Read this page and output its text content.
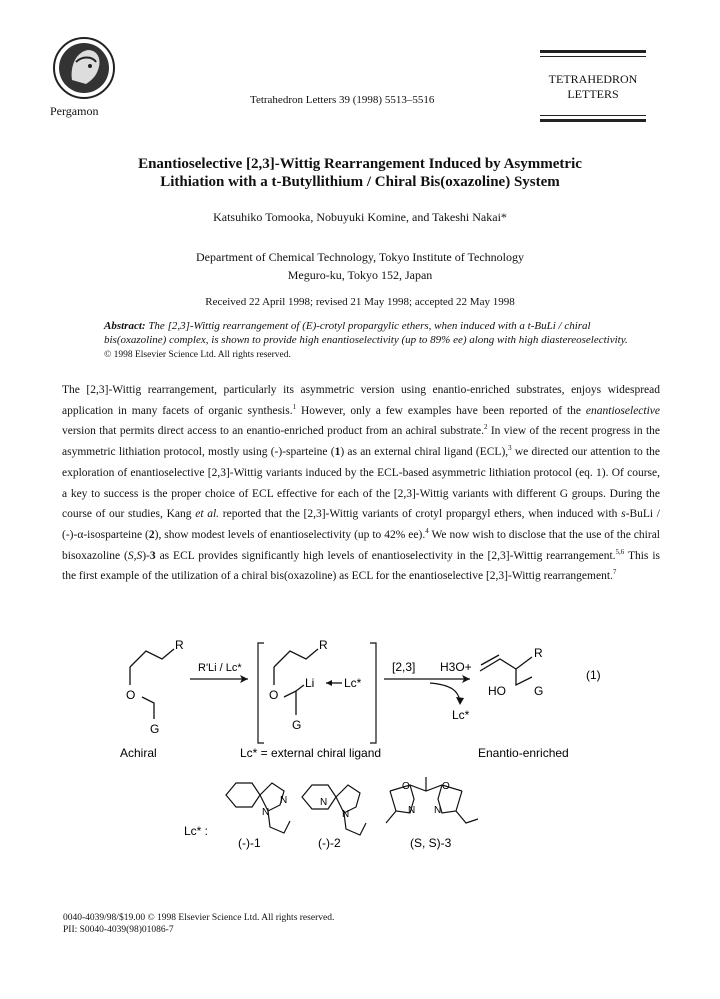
Pergamon
Tetrahedron Letters 39 (1998) 5513–5516
TETRAHEDRON
LETTERS
Enantioselective [2,3]-Wittig Rearrangement Induced by Asymmetric
Lithiation with a t-Butyllithium / Chiral Bis(oxazoline) System
Katsuhiko Tomooka, Nobuyuki Komine, and Takeshi Nakai*
Department of Chemical Technology, Tokyo Institute of Technology
Meguro-ku, Tokyo 152, Japan
Received 22 April 1998; revised 21 May 1998; accepted 22 May 1998
Abstract: The [2,3]-Wittig rearrangement of (E)-crotyl propargylic ethers, when induced with a t-BuLi / chiral bis(oxazoline) complex, is shown to provide high enantioselectivity (up to 89% ee) along with high diastereoselectivity. © 1998 Elsevier Science Ltd. All rights reserved.
The [2,3]-Wittig rearrangement, particularly its asymmetric version using enantio-enriched substrates, enjoys widespread application in many facets of organic synthesis.$^1$ However, only a few examples have been reported of the enantioselective version that permits direct access to an enantio-enriched product from an achiral substrate.$^2$ In view of the recent progress in the asymmetric lithiation protocol, mostly using (-)-sparteine (1) as an external chiral ligand (ECL),$^3$ we directed our attention to the exploration of enantioselective [2,3]-Wittig variants induced by the ECL-based asymmetric lithiation protocol (eq. 1). Of course, a key to success is the proper choice of ECL effective for each of the [2,3]-Wittig variants with different G groups. During the course of our studies, Kang et al. reported that the [2,3]-Wittig variants of crotyl propargyl ethers, when induced with s-BuLi / (-)-α-isosparteine (2), show modest levels of enantioselectivity (up to 42% ee).$^4$ We now wish to disclose that the use of the chiral bisoxazoline (S,S)-3 as ECL provides significantly high levels of enantioselectivity in the [2,3]-Wittig rearrangement.$^{5,6}$ This is the first example of the utilization of a chiral bis(oxazoline) as ECL for the enantioselective [2,3]-Wittig rearrangement.$^7$
R
O
G
Achiral
R'Li / Lc*
R
O
Li Lc*
G
Lc* = external chiral ligand
[2,3] H3O+
Lc*
R
HO G
(1)
Enantio-enriched
Lc* :
N
N
(-)-1
N
N
(-)-2
O	O
N N
(S, S)-3
0040-4039/98/$19.00 © 1998 Elsevier Science Ltd. All rights reserved.
PII: S0040-4039(98)01086-7
